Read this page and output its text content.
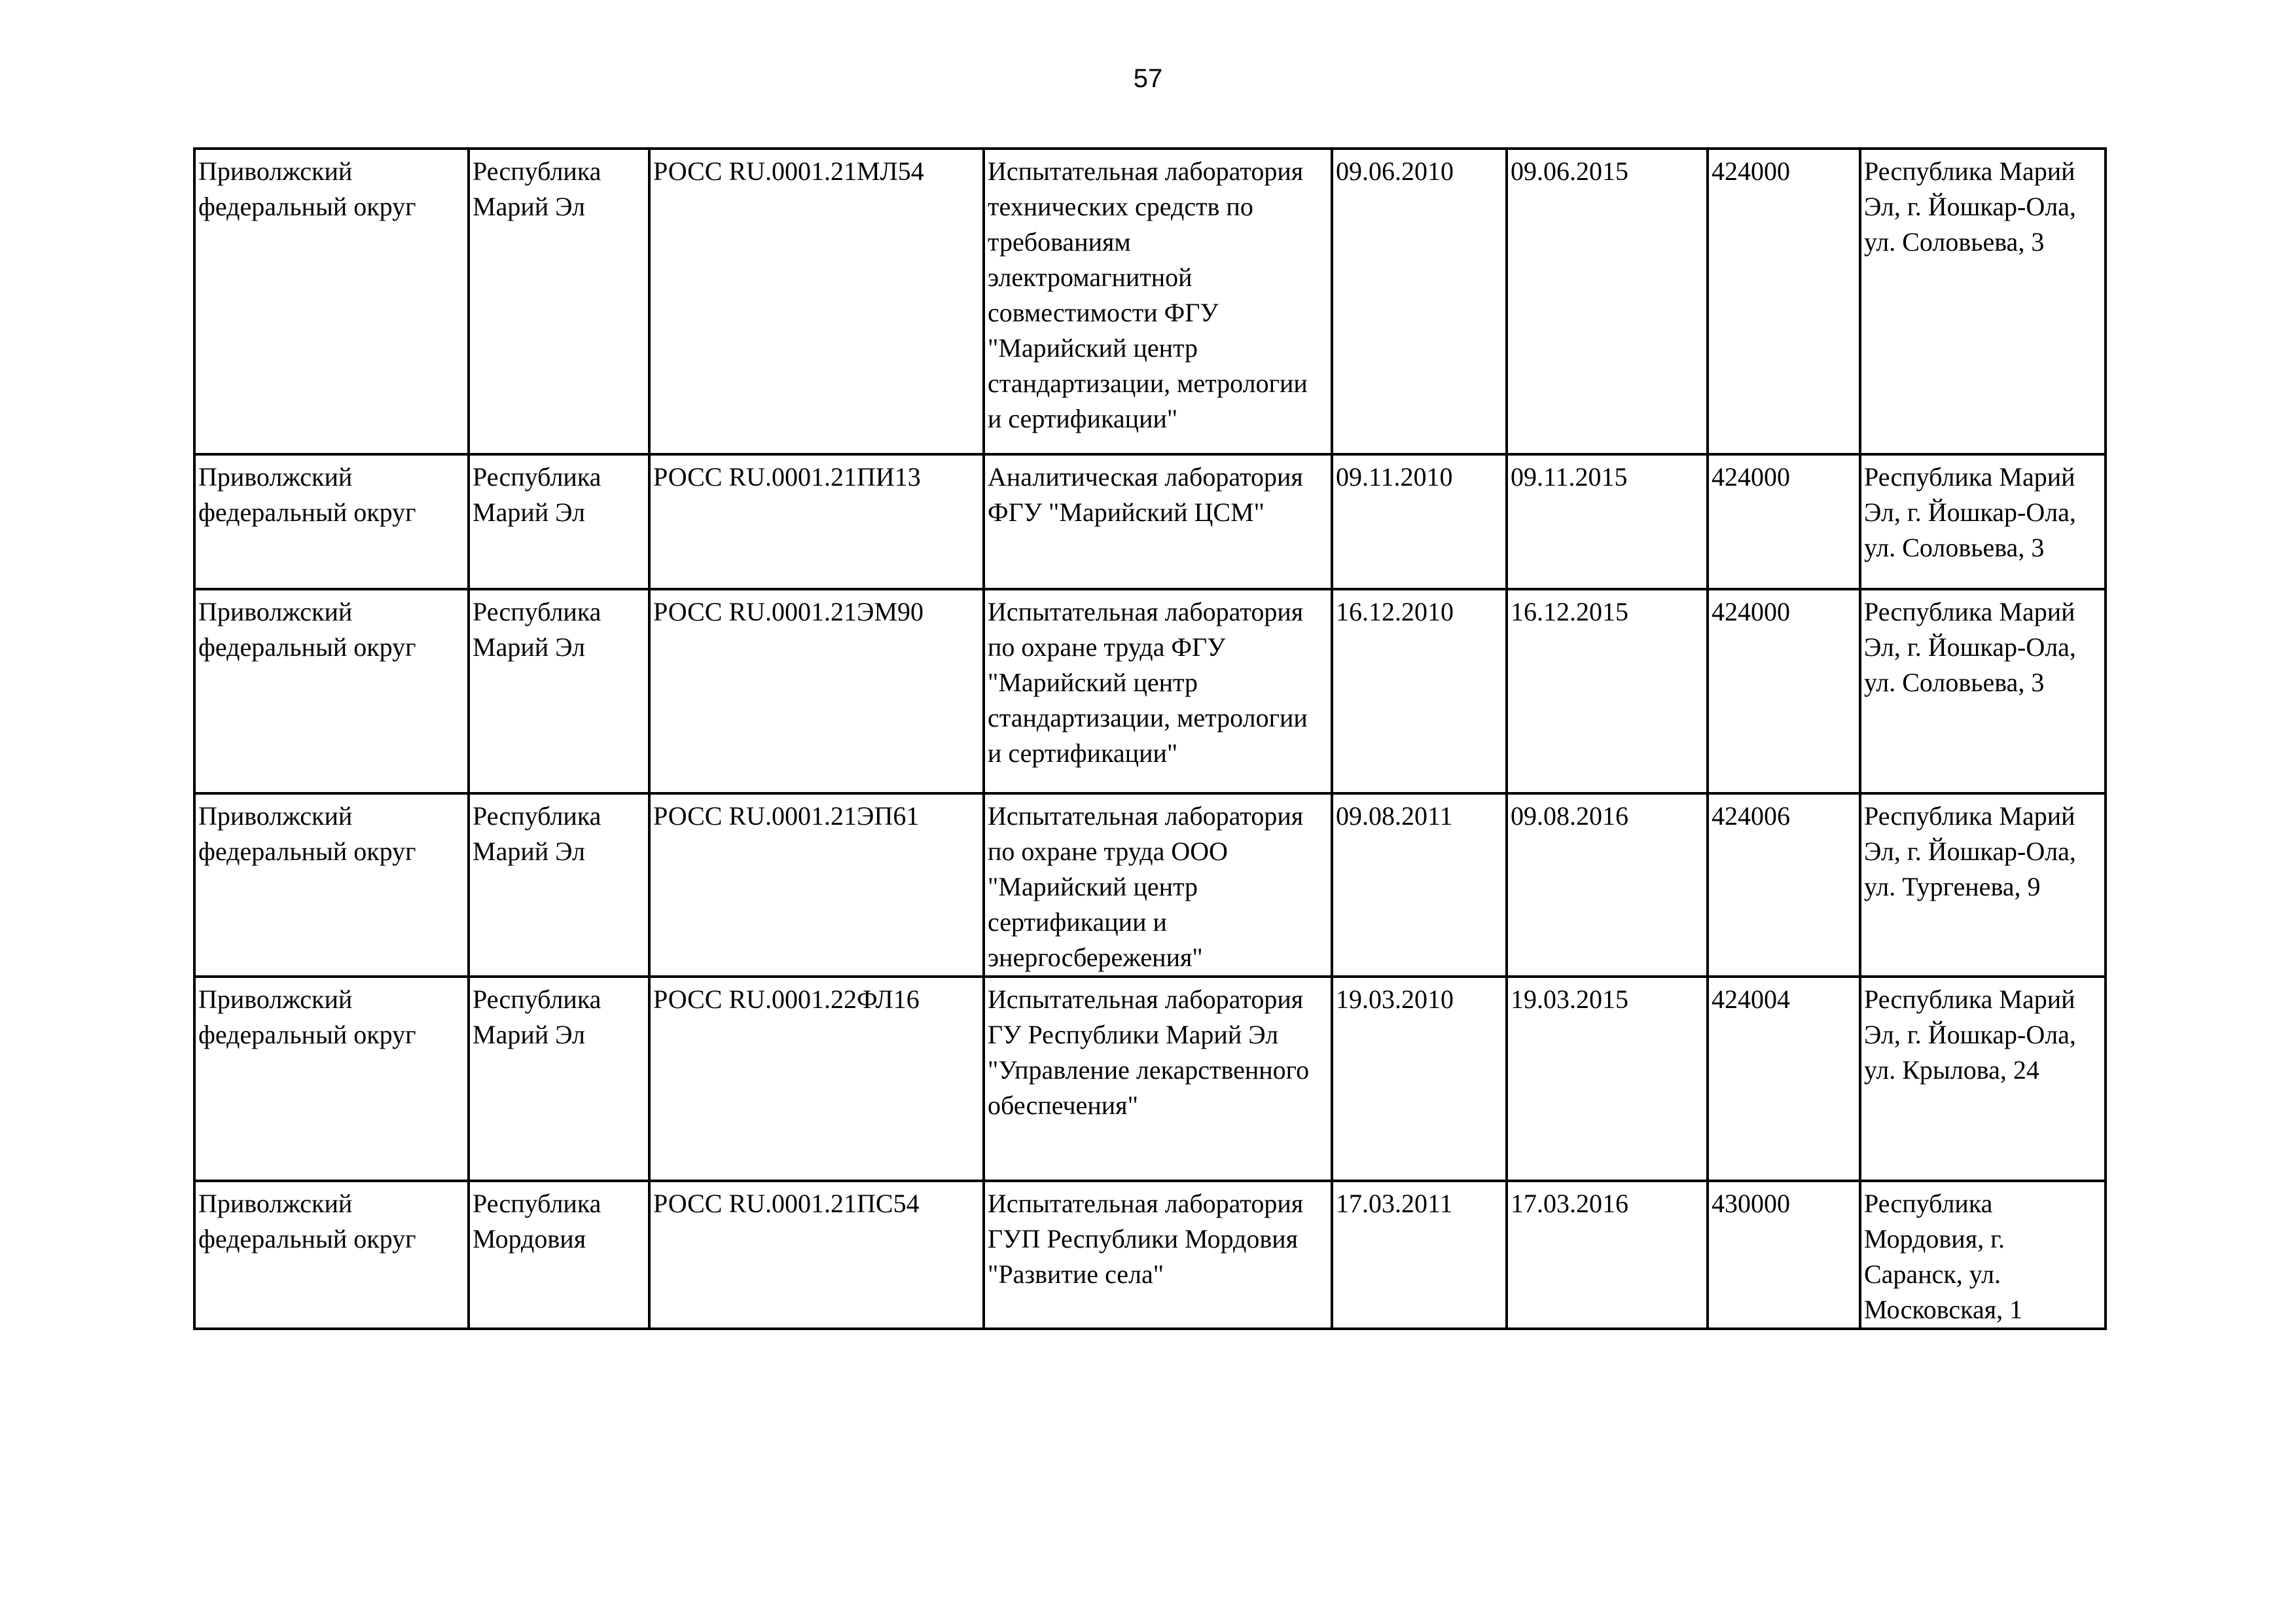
57
Приволжский федеральный округ	Республика Марий Эл	РОСС RU.0001.21МЛ54	Испытательная лаборатория технических средств по требованиям электромагнитной совместимости ФГУ "Марийский центр стандартизации, метрологии и сертификации"	09.06.2010	09.06.2015	424000	Республика Марий Эл, г. Йошкар-Ола, ул. Соловьева, 3
Приволжский федеральный округ	Республика Марий Эл	РОСС RU.0001.21ПИ13	Аналитическая лаборатория ФГУ "Марийский ЦСМ"	09.11.2010	09.11.2015	424000	Республика Марий Эл, г. Йошкар-Ола, ул. Соловьева, 3
Приволжский федеральный округ	Республика Марий Эл	РОСС RU.0001.21ЭМ90	Испытательная лаборатория по охране труда ФГУ "Марийский центр стандартизации, метрологии и сертификации"	16.12.2010	16.12.2015	424000	Республика Марий Эл, г. Йошкар-Ола, ул. Соловьева, 3
Приволжский федеральный округ	Республика Марий Эл	РОСС RU.0001.21ЭП61	Испытательная лаборатория по охране труда ООО "Марийский центр сертификации и энергосбережения"	09.08.2011	09.08.2016	424006	Республика Марий Эл, г. Йошкар-Ола, ул. Тургенева, 9
Приволжский федеральный округ	Республика Марий Эл	РОСС RU.0001.22ФЛ16	Испытательная лаборатория ГУ Республики Марий Эл "Управление лекарственного обеспечения"	19.03.2010	19.03.2015	424004	Республика Марий Эл, г. Йошкар-Ола, ул. Крылова, 24
Приволжский федеральный округ	Республика Мордовия	РОСС RU.0001.21ПС54	Испытательная лаборатория ГУП Республики Мордовия "Развитие села"	17.03.2011	17.03.2016	430000	Республика Мордовия, г. Саранск, ул. Московская, 1
